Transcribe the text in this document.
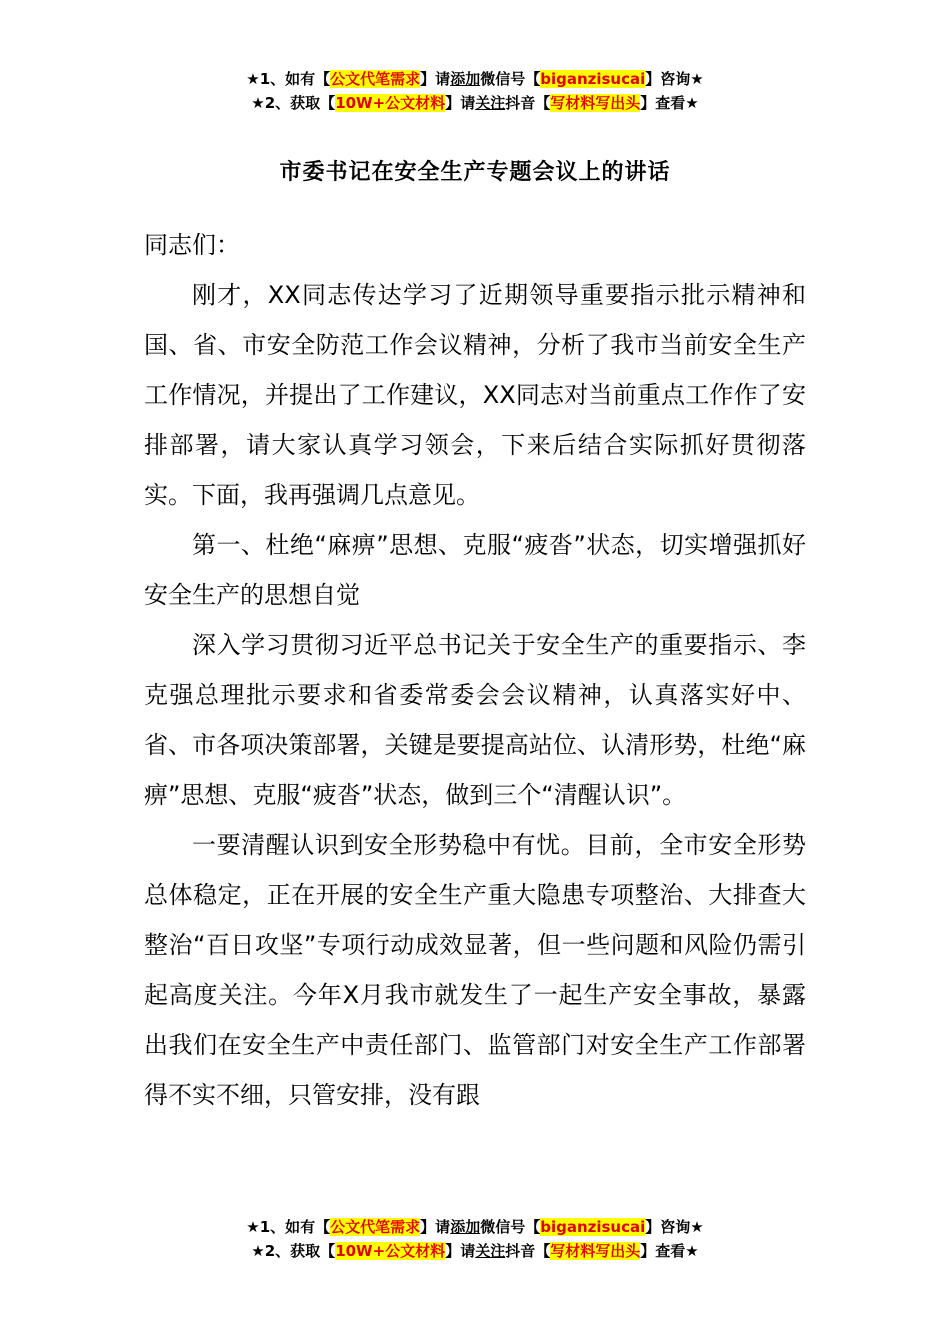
★1、如有【公文代笔需求】请添加微信号【biganzisucai】咨询★
★2、获取【10W+公文材料】请关注抖音【写材料写出头】查看★
市委书记在安全生产专题会议上的讲话

同志们：

刚才，XX同志传达学习了近期领导重要指示批示精神和国、省、市安全防范工作会议精神，分析了我市当前安全生产工作情况，并提出了工作建议，XX同志对当前重点工作作了安排部署，请大家认真学习领会，下来后结合实际抓好贯彻落实。下面，我再强调几点意见。

第一、杜绝“麻痹”思想、克服“疲沓”状态，切实增强抓好安全生产的思想自觉

深入学习贯彻习近平总书记关于安全生产的重要指示、李克强总理批示要求和省委常委会会议精神，认真落实好中、省、市各项决策部署，关键是要提高站位、认清形势，杜绝“麻痹”思想、克服“疲沓”状态，做到三个“清醒认识”。

一要清醒认识到安全形势稳中有忧。目前，全市安全形势总体稳定，正在开展的安全生产重大隐患专项整治、大排查大整治“百日攻坚”专项行动成效显著，但一些问题和风险仍需引起高度关注。今年X月我市就发生了一起生产安全事故，暴露出我们在安全生产中责任部门、监管部门对安全生产工作部署得不实不细，只管安排，没有跟

★1、如有【公文代笔需求】请添加微信号【biganzisucai】咨询★
★2、获取【10W+公文材料】请关注抖音【写材料写出头】查看★
